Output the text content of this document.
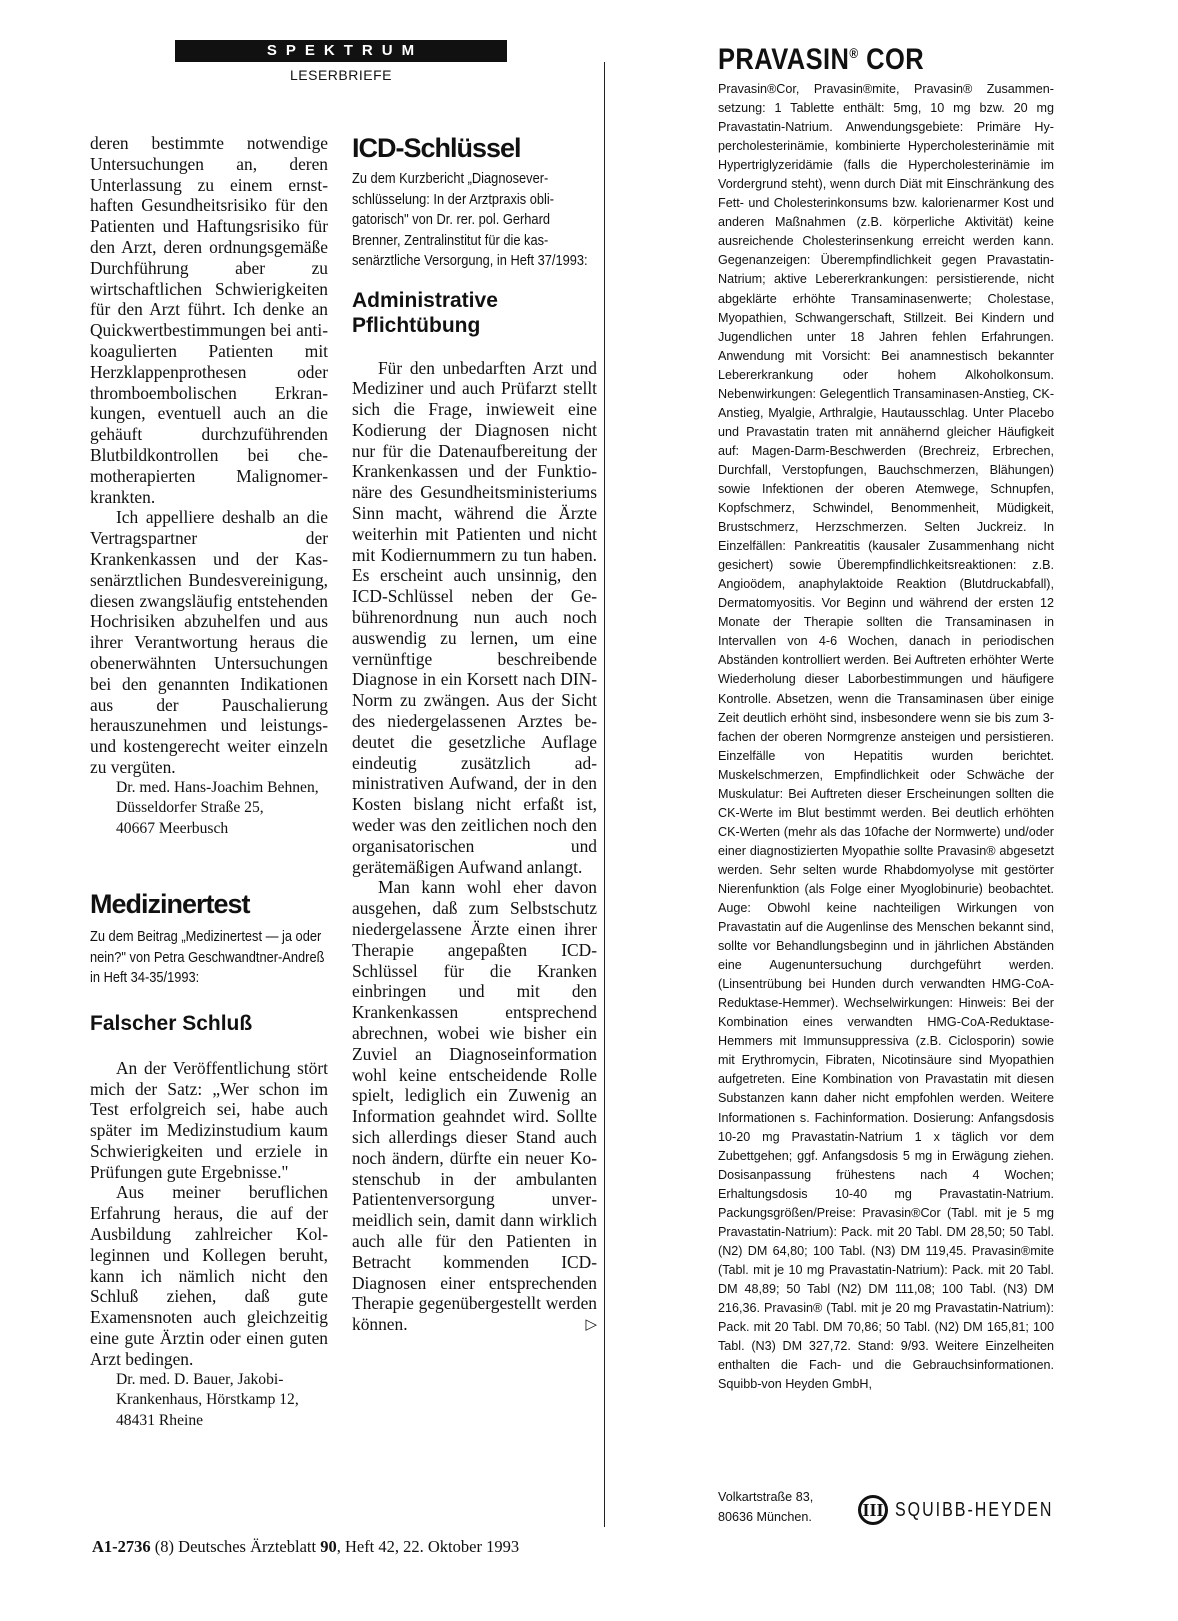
SPEKTRUM
LESERBRIEFE

deren bestimmte notwendige Untersuchungen an, deren Unterlassung zu einem ernsthaften Gesundheitsrisiko für den Patienten und Haftungsrisiko für den Arzt, deren ordnungsgemäße Durchführung aber zu wirtschaftlichen Schwierigkeiten für den Arzt führt. Ich denke an Quickwertbestimmungen bei antikoagulierten Patienten mit Herzklappenprothesen oder thromboembolischen Erkrankungen, eventuell auch an die gehäuft durchzuführenden Blutbildkontrollen bei chemotherapierten Malignomerkrankten.

Ich appelliere deshalb an die Vertragspartner der Krankenkassen und der Kassenärztlichen Bundesvereinigung, diesen zwangsläufig entstehenden Hochrisiken abzuhelfen und aus ihrer Verantwortung heraus die obenerwähnten Untersuchungen bei den genannten Indikationen aus der Pauschalierung herauszunehmen und leistungs- und kostengerecht weiter einzeln zu vergüten.

Dr. med. Hans-Joachim Behnen, Düsseldorfer Straße 25,

40667 Meerbusch

Medizinertest

Zu dem Beitrag „Medizinertest — ja oder nein?" von Petra Geschwandtner-Andreß in Heft 34-35/1993:

Falscher Schluß

An der Veröffentlichung stört mich der Satz: „Wer schon im Test erfolgreich sei, habe auch später im Medizinstudium kaum Schwierigkeiten und erziele in Prüfungen gute Ergebnisse."

Aus meiner beruflichen Erfahrung heraus, die auf der Ausbildung zahlreicher Kolleginnen und Kollegen beruht, kann ich nämlich nicht den Schluß ziehen, daß gute Examensnoten auch gleichzeitig eine gute Ärztin oder einen guten Arzt bedingen.

Dr. med. D. Bauer, Jakobi-

Krankenhaus, Hörstkamp 12,

48431 Rheine

ICD-Schlüssel

Zu dem Kurzbericht „Diagnoseverschlüsselung: In der Arztpraxis obligatorisch" von Dr. rer. pol. Gerhard Brenner, Zentralinstitut für die kassenärztliche Versorgung, in Heft 37/1993:

Administrative Pflichtübung

Für den unbedarften Arzt und Mediziner und auch Prüfarzt stellt sich die Frage, inwieweit eine Kodierung der Diagnosen nicht nur für die Datenaufbereitung der Krankenkassen und der Funktionäre des Gesundheitsministeriums Sinn macht, während die Ärzte weiterhin mit Patienten und nicht mit Kodiernummern zu tun haben. Es erscheint auch unsinnig, den ICD-Schlüssel neben der Gebührenordnung nun auch noch auswendig zu lernen, um eine vernünftige beschreibende Diagnose in ein Korsett nach DIN-Norm zu zwängen. Aus der Sicht des niedergelassenen Arztes bedeutet die gesetzliche Auflage eindeutig zusätzlich administrativen Aufwand, der in den Kosten bislang nicht erfaßt ist, weder was den zeitlichen noch den organisatorischen und gerätemäßigen Aufwand anlangt.

Man kann wohl eher davon ausgehen, daß zum Selbstschutz niedergelassene Ärzte einen ihrer Therapie angepaßten ICD-Schlüssel für die Kranken einbringen und mit den Krankenkassen entsprechend abrechnen, wobei wie bisher ein Zuviel an Diagnoseinformation wohl keine entscheidende Rolle spielt, lediglich ein Zuwenig an Information geahndet wird. Sollte sich allerdings dieser Stand auch noch ändern, dürfte ein neuer Kostenschub in der ambulanten Patientenversorgung unvermeidlich sein, damit dann wirklich auch alle für den Patienten in Betracht kommenden ICD-Diagnosen einer entsprechenden Therapie gegenübergestellt werden können.	▷

PRAVASIN® COR
Pravasin®Cor, Pravasin®mite, Pravasin® Zusammensetzung: 1 Tablette enthält: 5mg, 10 mg bzw. 20 mg Pravastatin-Natrium. Anwendungsgebiete: Primäre Hypercholesterinämie, kombinierte Hypercholesterinämie mit Hypertriglyzeridämie (falls die Hypercholesterinämie im Vordergrund steht), wenn durch Diät mit Einschränkung des Fett- und Cholesterinkonsums bzw. kalorienarmer Kost und anderen Maßnahmen (z.B. körperliche Aktivität) keine ausreichende Cholesterinsenkung erreicht werden kann. Gegenanzeigen: Überempfindlichkeit gegen Pravastatin-Natrium; aktive Lebererkrankungen: persistierende, nicht abgeklärte erhöhte Transaminasenwerte; Cholestase, Myopathien, Schwangerschaft, Stillzeit. Bei Kindern und Jugendlichen unter 18 Jahren fehlen Erfahrungen. Anwendung mit Vorsicht: Bei anamnestisch bekannter Lebererkrankung oder hohem Alkoholkonsum. Nebenwirkungen: Gelegentlich Transaminasen-Anstieg, CK-Anstieg, Myalgie, Arthralgie, Hautausschlag. Unter Placebo und Pravastatin traten mit annähernd gleicher Häufigkeit auf: Magen-Darm-Beschwerden (Brechreiz, Erbrechen, Durchfall, Verstopfungen, Bauchschmerzen, Blähungen) sowie Infektionen der oberen Atemwege, Schnupfen, Kopfschmerz, Schwindel, Benommenheit, Müdigkeit, Brustschmerz, Herzschmerzen. Selten Juckreiz. In Einzelfällen: Pankreatitis (kausaler Zusammenhang nicht gesichert) sowie Überempfindlichkeitsreaktionen: z.B. Angioödem, anaphylaktoide Reaktion (Blutdruckabfall), Dermatomyositis. Vor Beginn und während der ersten 12 Monate der Therapie sollten die Transaminasen in Intervallen von 4-6 Wochen, danach in periodischen Abständen kontrolliert werden. Bei Auftreten erhöhter Werte Wiederholung dieser Laborbestimmungen und häufigere Kontrolle. Absetzen, wenn die Transaminasen über einige Zeit deutlich erhöht sind, insbesondere wenn sie bis zum 3-fachen der oberen Normgrenze ansteigen und persistieren. Einzelfälle von Hepatitis wurden berichtet. Muskelschmerzen, Empfindlichkeit oder Schwäche der Muskulatur: Bei Auftreten dieser Erscheinungen sollten die CK-Werte im Blut bestimmt werden. Bei deutlich erhöhten CK-Werten (mehr als das 10fache der Normwerte) und/oder einer diagnostizierten Myopathie sollte Pravasin® abgesetzt werden. Sehr selten wurde Rhabdomyolyse mit gestörter Nierenfunktion (als Folge einer Myoglobinurie) beobachtet. Auge: Obwohl keine nachteiligen Wirkungen von Pravastatin auf die Augenlinse des Menschen bekannt sind, sollte vor Behandlungsbeginn und in jährlichen Abständen eine Augenuntersuchung durchgeführt werden. (Linsentrübung bei Hunden durch verwandten HMG-CoA-Reduktase-Hemmer). Wechselwirkungen: Hinweis: Bei der Kombination eines verwandten HMG-CoA-Reduktase-Hemmers mit Immunsuppressiva (z.B. Ciclosporin) sowie mit Erythromycin, Fibraten, Nicotinsäure sind Myopathien aufgetreten. Eine Kombination von Pravastatin mit diesen Substanzen kann daher nicht empfohlen werden. Weitere Informationen s. Fachinformation. Dosierung: Anfangsdosis 10-20 mg Pravastatin-Natrium 1 x täglich vor dem Zubettgehen; ggf. Anfangsdosis 5 mg in Erwägung ziehen. Dosisanpassung frühestens nach 4 Wochen; Erhaltungsdosis 10-40 mg Pravastatin-Natrium. Packungsgrößen/Preise: Pravasin®Cor (Tabl. mit je 5 mg Pravastatin-Natrium): Pack. mit 20 Tabl. DM 28,50; 50 Tabl. (N2) DM 64,80; 100 Tabl. (N3) DM 119,45. Pravasin®mite (Tabl. mit je 10 mg Pravastatin-Natrium): Pack. mit 20 Tabl. DM 48,89; 50 Tabl (N2) DM 111,08; 100 Tabl. (N3) DM 216,36. Pravasin® (Tabl. mit je 20 mg Pravastatin-Natrium): Pack. mit 20 Tabl. DM 70,86; 50 Tabl. (N2) DM 165,81; 100 Tabl. (N3) DM 327,72. Stand: 9/93. Weitere Einzelheiten enthalten die Fach- und die Gebrauchsinformationen. Squibb-von Heyden GmbH,
Volkartstraße 83,
80636 München.	III SQUIBB-HEYDEN
A1-2736 (8) Deutsches Ärzteblatt 90, Heft 42, 22. Oktober 1993
